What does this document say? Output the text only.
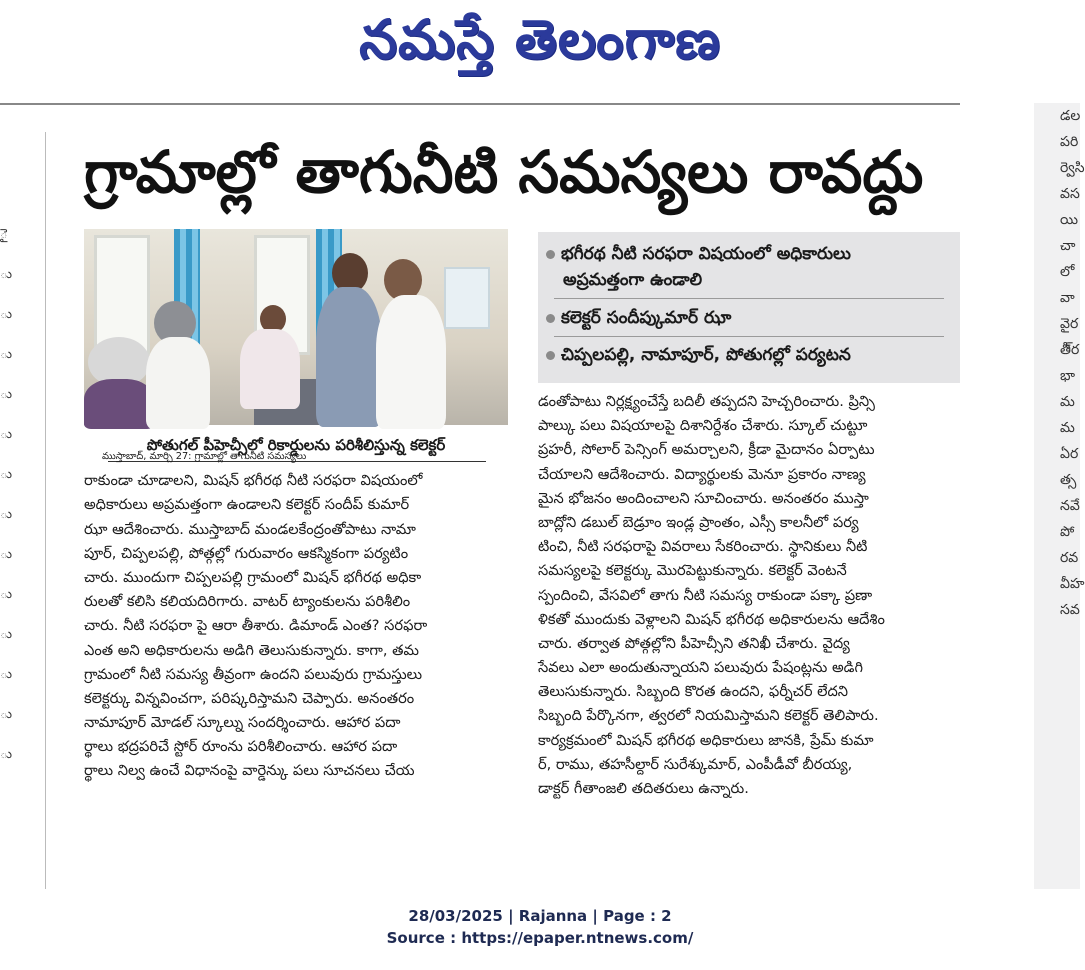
నమస్తే తెలంగాణ
ై
ు
ు
ు
ు
ు
ు
ు
ు
ు
ు
ు
ు
ు
డల
పరి
ర్వెసి
వస
యి
చా
లో
వా
వైర
తీ్ర
భా
మ
మ
ఏర
త్స
నవే
పో
రవ
వీహ
సవ
గ్రామాల్లో తాగునీటి సమస్యలు రావద్దు
పోతుగల్ పీహెచ్సీలో రికార్డులను పరిశీలిస్తున్న కలెక్టర్
భగీరథ నీటి సరఫరా విషయంలో అధికారులు
అప్రమత్తంగా ఉండాలి
కలెక్టర్ సందీప్కుమార్ ఝా
చిప్పలపల్లి, నామాపూర్, పోతుగల్లో పర్యటన
ముస్తాబాద్, మార్చి 27: గ్రామాల్లో తాగునీటి సమస్యలు
రాకుండా చూడాలని, మిషన్ భగీరథ నీటి సరఫరా విషయంలో
అధికారులు అప్రమత్తంగా ఉండాలని కలెక్టర్ సందీప్ కుమార్
ఝా ఆదేశించారు. ముస్తాబాద్ మండలకేంద్రంతోపాటు నామా
పూర్, చిప్పలపల్లి, పోత్గల్లో గురువారం ఆకస్మికంగా పర్యటిం
చారు. ముందుగా చిప్పలపల్లి గ్రామంలో మిషన్ భగీరథ అధికా
రులతో కలిసి కలియదిరిగారు. వాటర్ ట్యాంకులను పరిశీలిం
చారు. నీటి సరఫరా పై ఆరా తీశారు. డిమాండ్ ఎంత? సరఫరా
ఎంత అని అధికారులను అడిగి తెలుసుకున్నారు. కాగా, తమ
గ్రామంలో నీటి సమస్య తీవ్రంగా ఉందని పలువురు గ్రామస్తులు
కలెక్టర్కు విన్నవించగా, పరిష్కరిస్తామని చెప్పారు. అనంతరం
నామాపూర్ మోడల్ స్కూల్ను సందర్శించారు. ఆహార పదా
ర్థాలు భద్రపరిచే స్టోర్ రూంను పరిశీలించారు. ఆహార పదా
ర్థాలు నిల్వ ఉంచే విధానంపై వార్డెన్కు పలు సూచనలు చేయ
డంతోపాటు నిర్లక్ష్యంచేస్తే బదిలీ తప్పదని హెచ్చరించారు. ప్రిన్సి
పాల్కు పలు విషయాలపై దిశానిర్దేశం చేశారు. స్కూల్ చుట్టూ
ప్రహరీ, సోలార్ పెన్సింగ్ అమర్చాలని, క్రీడా మైదానం ఏర్పాటు
చేయాలని ఆదేశించారు. విద్యార్థులకు మెనూ ప్రకారం నాణ్య
మైన భోజనం అందించాలని సూచించారు. అనంతరం ముస్తా
బాద్లోని డబుల్ బెడ్రూం ఇండ్ల ప్రాంతం, ఎస్సీ కాలనీలో పర్య
టించి, నీటి సరఫరాపై వివరాలు సేకరించారు. స్థానికులు నీటి
సమస్యలపై కలెక్టర్కు మొరపెట్టుకున్నారు. కలెక్టర్ వెంటనే
స్పందించి, వేసవిలో తాగు నీటి సమస్య రాకుండా పక్కా ప్రణా
ళికతో ముందుకు వెళ్లాలని మిషన్ భగీరథ అధికారులను ఆదేశిం
చారు. తర్వాత పోత్గల్లోని పీహెచ్సీని తనిఖీ చేశారు. వైద్య
సేవలు ఎలా అందుతున్నాయని పలువురు పేషంట్లను అడిగి
తెలుసుకున్నారు. సిబ్బంది కొరత ఉందని, ఫర్నీచర్ లేదని
సిబ్బంది పేర్కొనగా, త్వరలో నియమిస్తామని కలెక్టర్ తెలిపారు.
కార్యక్రమంలో మిషన్ భగీరథ అధికారులు జానకి, ప్రేమ్ కుమా
ర్, రాము, తహసీల్దార్ సురేశ్కుమార్, ఎంపీడీవో బీరయ్య,
డాక్టర్ గీతాంజలి తదితరులు ఉన్నారు.
28/03/2025 | Rajanna | Page : 2
Source : https://epaper.ntnews.com/
